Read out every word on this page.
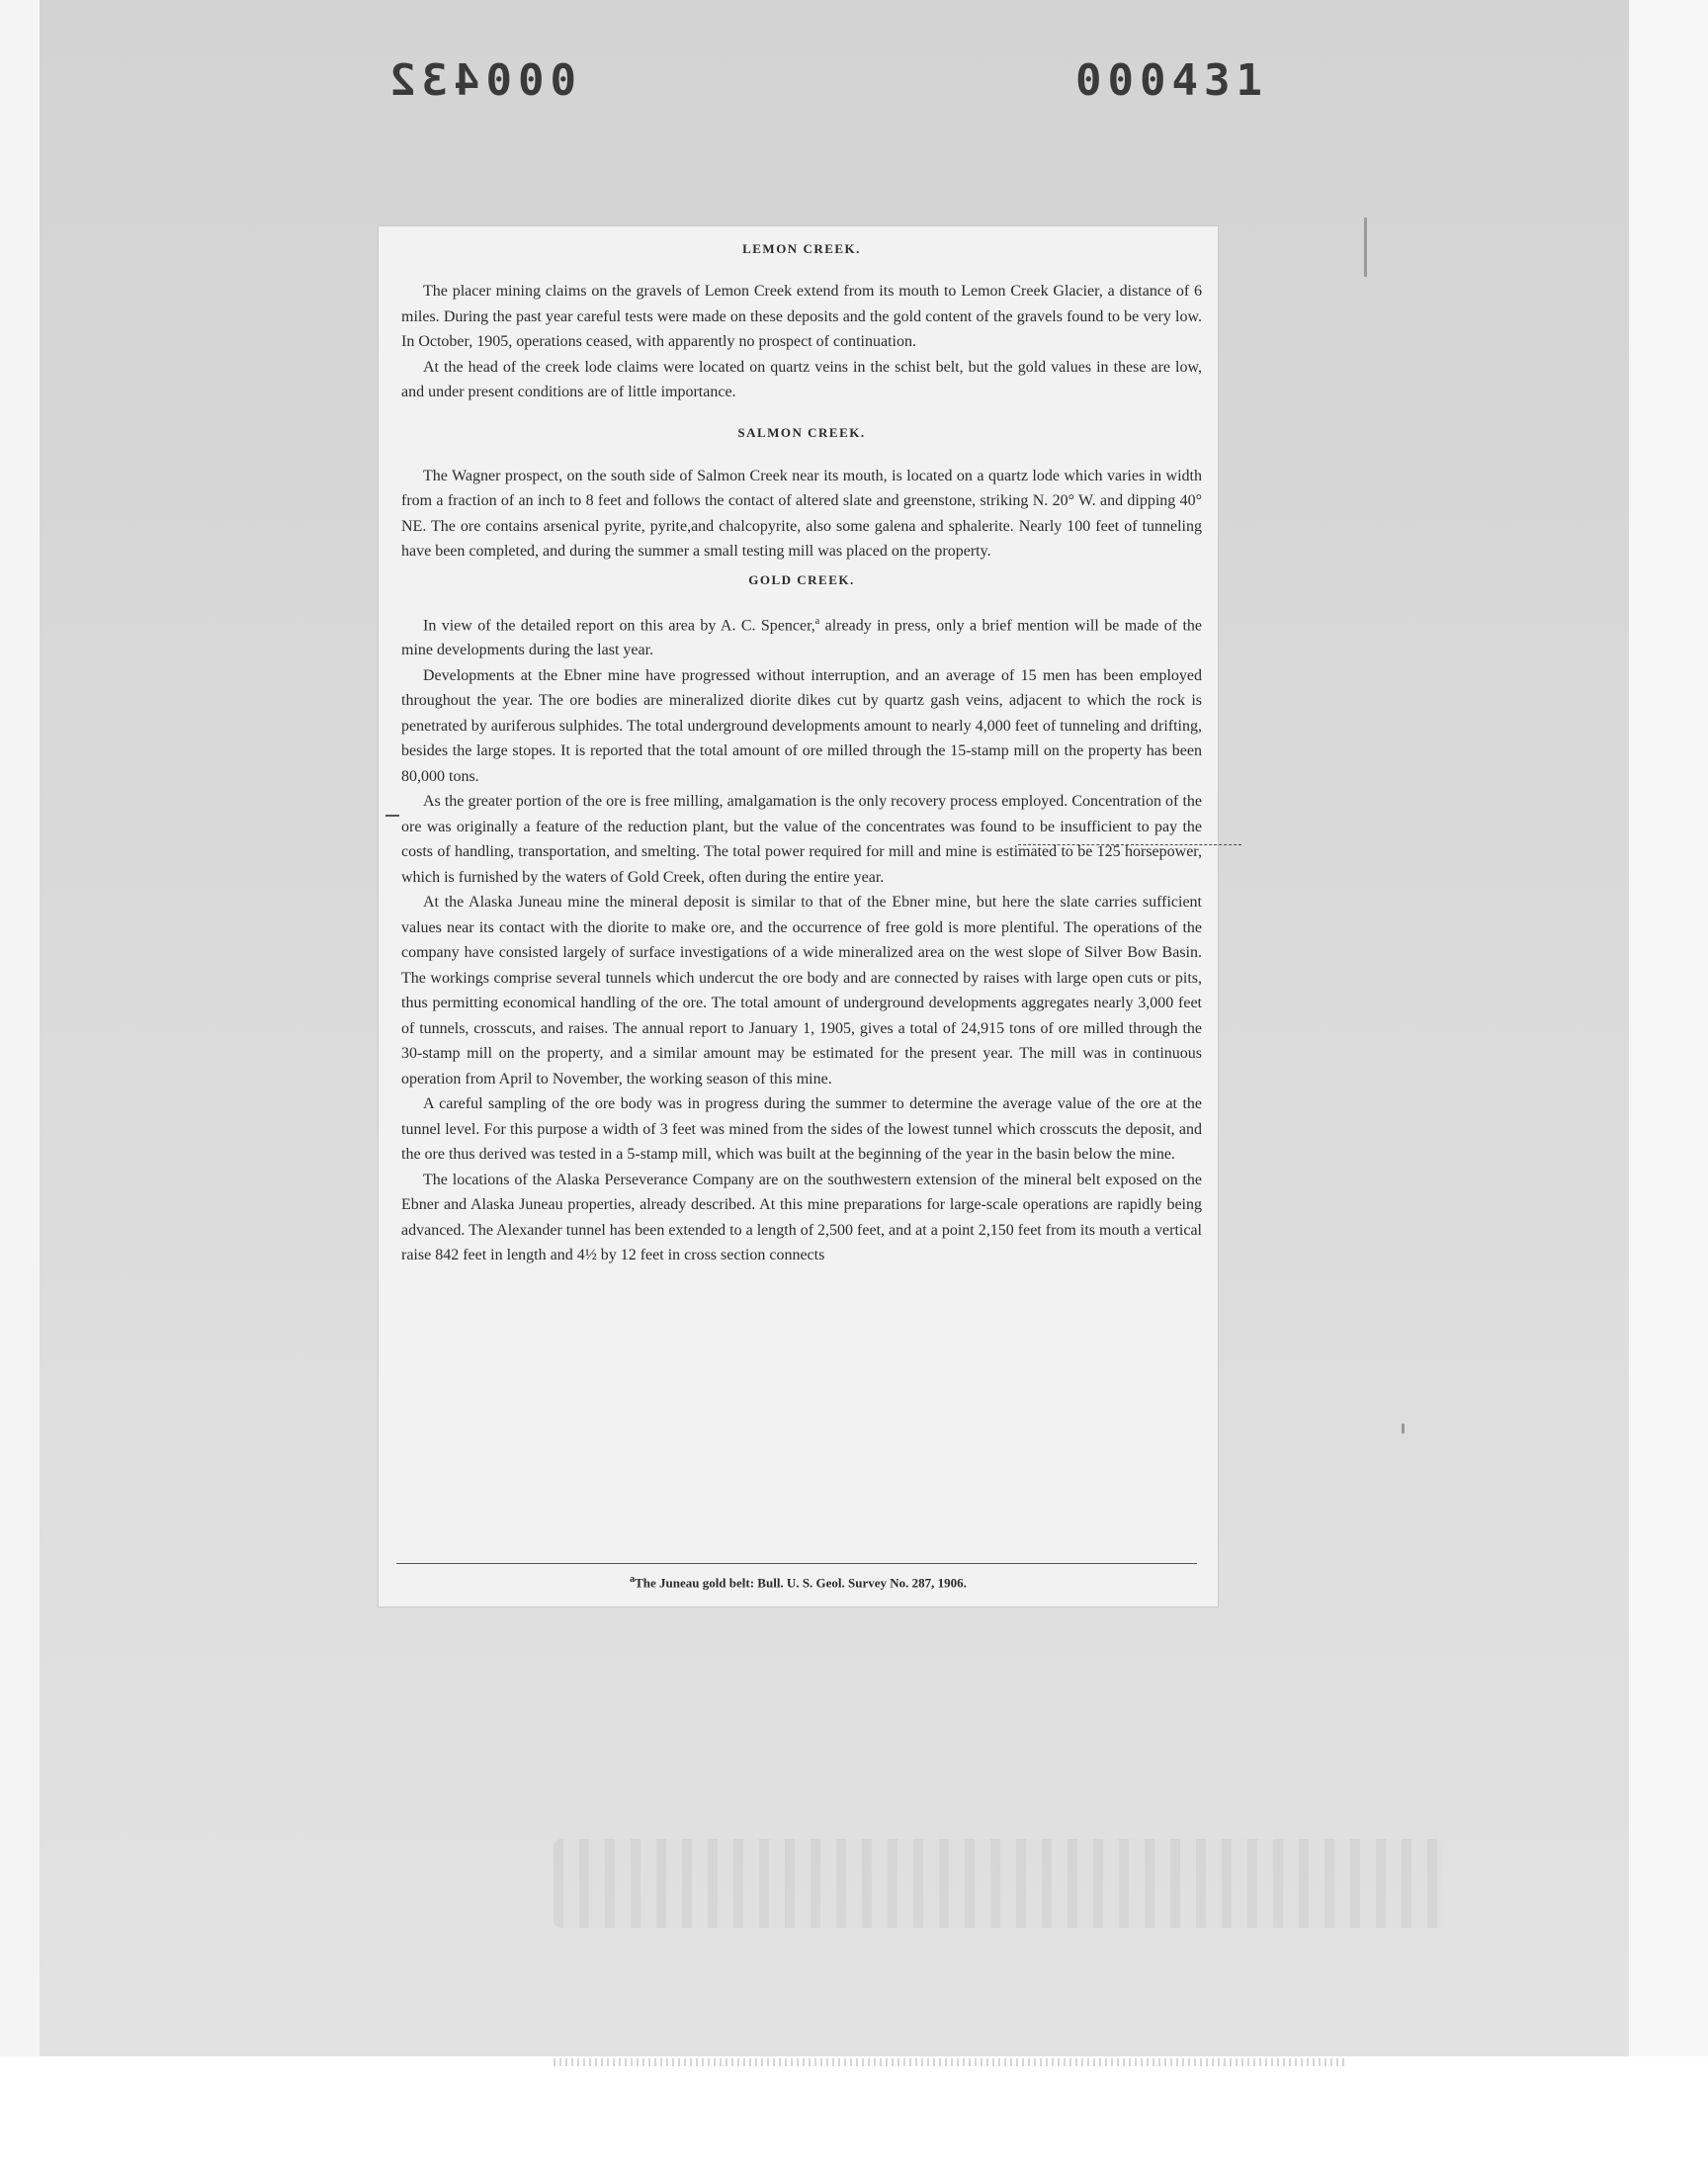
000432	000431

LEMON CREEK.

The placer mining claims on the gravels of Lemon Creek extend from its mouth to Lemon Creek Glacier, a distance of 6 miles. During the past year careful tests were made on these deposits and the gold content of the gravels found to be very low. In October, 1905, operations ceased, with apparently no prospect of continuation.

At the head of the creek lode claims were located on quartz veins in the schist belt, but the gold values in these are low, and under present conditions are of little importance.

SALMON CREEK.

The Wagner prospect, on the south side of Salmon Creek near its mouth, is located on a quartz lode which varies in width from a fraction of an inch to 8 feet and follows the contact of altered slate and greenstone, striking N. 20° W. and dipping 40° NE. The ore contains arsenical pyrite, pyrite,and chalcopyrite, also some galena and sphalerite. Nearly 100 feet of tunneling have been completed, and during the summer a small testing mill was placed on the property.

GOLD CREEK.

In view of the detailed report on this area by A. C. Spencer,$^a$ already in press, only a brief mention will be made of the mine developments during the last year.

Developments at the Ebner mine have progressed without interruption, and an average of 15 men has been employed throughout the year. The ore bodies are mineralized diorite dikes cut by quartz gash veins, adjacent to which the rock is penetrated by auriferous sulphides. The total underground developments amount to nearly 4,000 feet of tunneling and drifting, besides the large stopes. It is reported that the total amount of ore milled through the 15-stamp mill on the property has been 80,000 tons.

As the greater portion of the ore is free milling, amalgamation is the only recovery process employed. Concentration of the ore was originally a feature of the reduction plant, but the value of the concentrates was found to be insufficient to pay the costs of handling, transportation, and smelting. The total power required for mill and mine is estimated to be 125 horsepower, which is furnished by the waters of Gold Creek, often during the entire year.

At the Alaska Juneau mine the mineral deposit is similar to that of the Ebner mine, but here the slate carries sufficient values near its contact with the diorite to make ore, and the occurrence of free gold is more plentiful. The operations of the company have consisted largely of surface investigations of a wide mineralized area on the west slope of Silver Bow Basin. The workings comprise several tunnels which undercut the ore body and are connected by raises with large open cuts or pits, thus permitting economical handling of the ore. The total amount of underground developments aggregates nearly 3,000 feet of tunnels, crosscuts, and raises. The annual report to January 1, 1905, gives a total of 24,915 tons of ore milled through the 30-stamp mill on the property, and a similar amount may be estimated for the present year. The mill was in continuous operation from April to November, the working season of this mine.

A careful sampling of the ore body was in progress during the summer to determine the average value of the ore at the tunnel level. For this purpose a width of 3 feet was mined from the sides of the lowest tunnel which crosscuts the deposit, and the ore thus derived was tested in a 5-stamp mill, which was built at the beginning of the year in the basin below the mine.

The locations of the Alaska Perseverance Company are on the southwestern extension of the mineral belt exposed on the Ebner and Alaska Juneau properties, already described. At this mine preparations for large-scale operations are rapidly being advanced. The Alexander tunnel has been extended to a length of 2,500 feet, and at a point 2,150 feet from its mouth a vertical raise 842 feet in length and 4½ by 12 feet in cross section connects

$^a$The Juneau gold belt: Bull. U. S. Geol. Survey No. 287, 1906.
